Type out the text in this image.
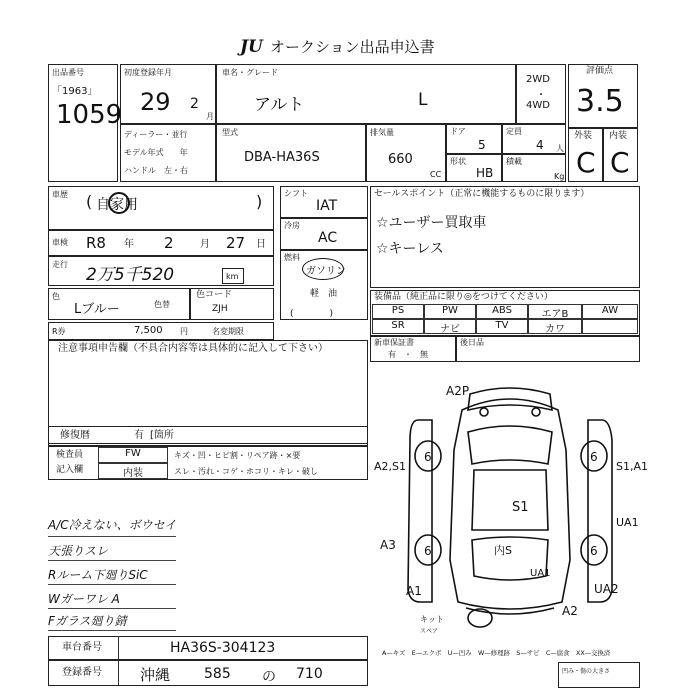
JU オークション出品申込書
出品番号
「1963」
1059
初度登録年月
29 2
月
車名・グレード
アルト	L
2WD
・
4WD
評価点
3.5
ディーラー・並行
モデル年式　　年
ハンドル　左・右
型式
DBA-HA36S
排気量
660
CC
ドア
5
定員
4 人
形状
HB
積載
Kg
外装
C
内装
C
車歴 ( 自家用	)
車検 R8 年 2	月 27 日
走行
2万5千520	km
色
Lブルー	色替
色コード
ZJH
R券	7,500 円	名変期限
シフト
IAT
冷房
AC
燃料
ガソリン
軽　油
(　　　　)
セールスポイント（正常に機能するものに限ります）
☆ユーザー買取車
☆キーレス
装備品（純正品に限り◎をつけてください）
PS	PW	ABS	エアB	AW
SR	ナビ	TV	カワ
新車保証書
有　・　無
後日品
注意事項申告欄（不具合内容等は具体的に記入して下さい）
修復暦	有 [箇所
検査員
記入欄
FW	キズ・凹・ヒビ割・リペア跡・×要
内装	スレ・汚れ・コゲ・ホコリ・キレ・破し
A/C冷えない、ボウセイ
天張りスレ
Rルーム下廻りSiC
Wガーワレ A
Fガラス廻り錆
車台番号	HA36S-304123
登録番号	沖縄 585 の 710
6	6
6	6
A2P
A2,S1	S1,A1
S1
UA1
A3	内S
A1
UA1
UA2
A2
キット
スペア
A—キズ　E—エクボ　U—凹み　W—修理跡　S—サビ　C—腐食　XX—交換済
凹み・傷の大きさ
